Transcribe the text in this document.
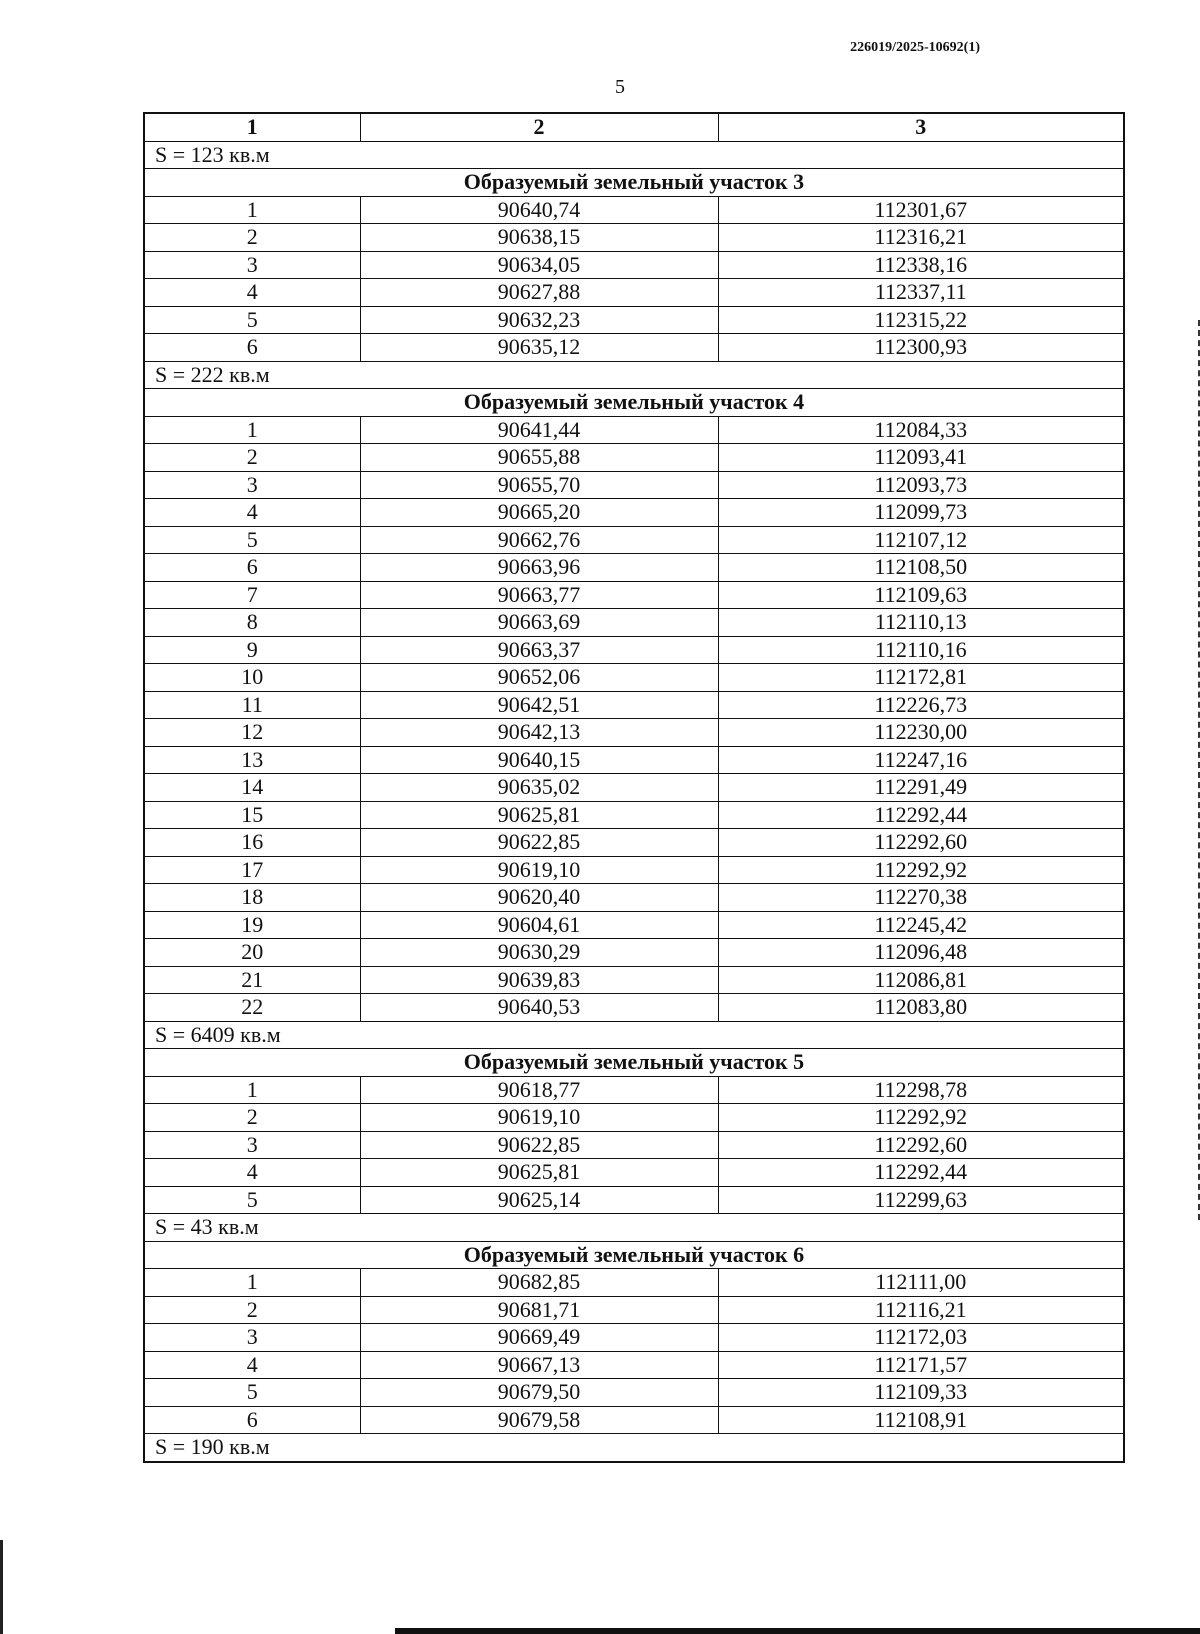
226019/2025-10692(1)
5
1	2	3
S = 123 кв.м		
Образуемый земельный участок 3		
1	90640,74	112301,67
2	90638,15	112316,21
3	90634,05	112338,16
4	90627,88	112337,11
5	90632,23	112315,22
6	90635,12	112300,93
S = 222 кв.м		
Образуемый земельный участок 4		
1	90641,44	112084,33
2	90655,88	112093,41
3	90655,70	112093,73
4	90665,20	112099,73
5	90662,76	112107,12
6	90663,96	112108,50
7	90663,77	112109,63
8	90663,69	112110,13
9	90663,37	112110,16
10	90652,06	112172,81
11	90642,51	112226,73
12	90642,13	112230,00
13	90640,15	112247,16
14	90635,02	112291,49
15	90625,81	112292,44
16	90622,85	112292,60
17	90619,10	112292,92
18	90620,40	112270,38
19	90604,61	112245,42
20	90630,29	112096,48
21	90639,83	112086,81
22	90640,53	112083,80
S = 6409 кв.м		
Образуемый земельный участок 5		
1	90618,77	112298,78
2	90619,10	112292,92
3	90622,85	112292,60
4	90625,81	112292,44
5	90625,14	112299,63
S = 43 кв.м		
Образуемый земельный участок 6		
1	90682,85	112111,00
2	90681,71	112116,21
3	90669,49	112172,03
4	90667,13	112171,57
5	90679,50	112109,33
6	90679,58	112108,91
S = 190 кв.м		
